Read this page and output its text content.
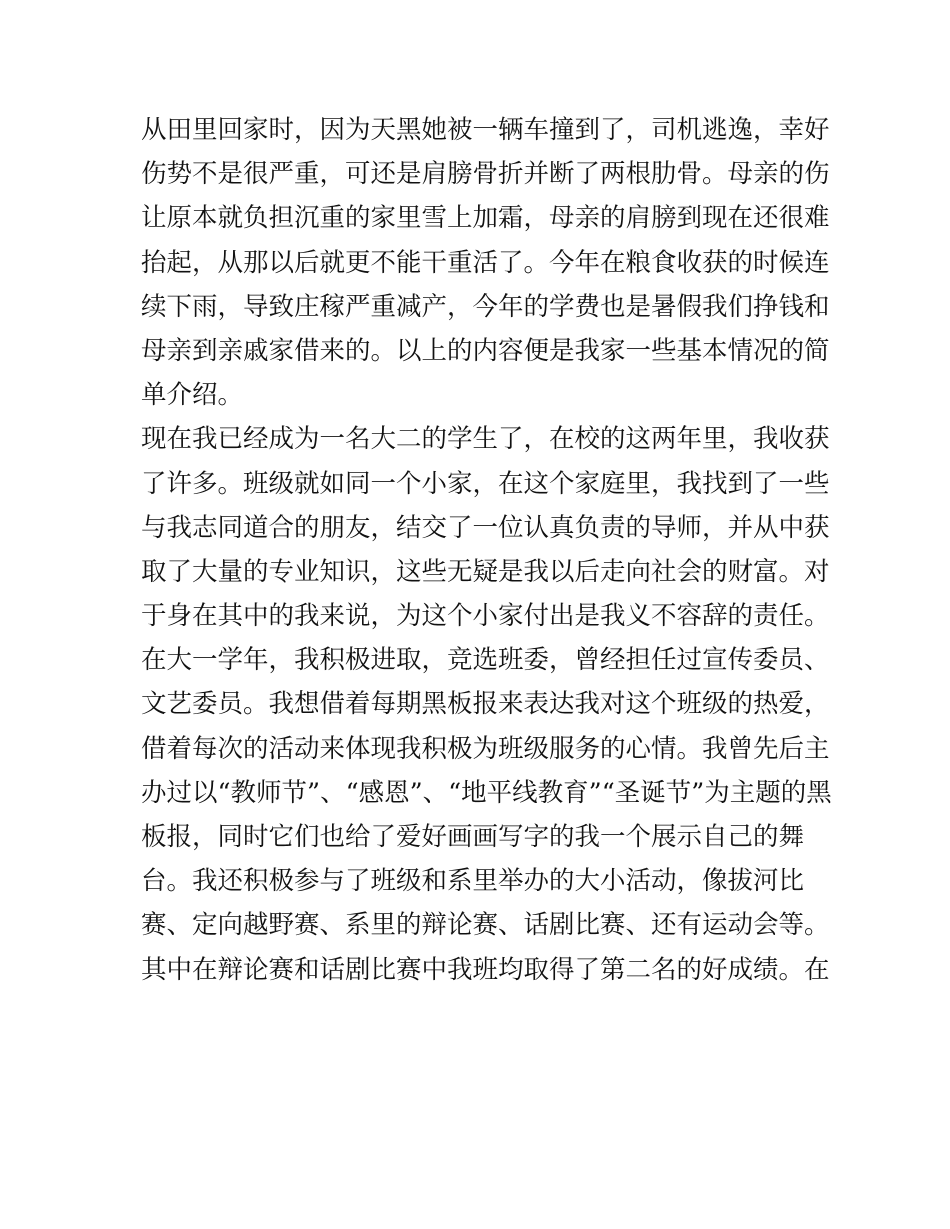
从田里回家时，因为天黑她被一辆车撞到了，司机逃逸，幸好
伤势不是很严重，可还是肩膀骨折并断了两根肋骨。母亲的伤
让原本就负担沉重的家里雪上加霜，母亲的肩膀到现在还很难
抬起，从那以后就更不能干重活了。今年在粮食收获的时候连
续下雨，导致庄稼严重减产，今年的学费也是暑假我们挣钱和
母亲到亲戚家借来的。以上的内容便是我家一些基本情况的简
单介绍。
现在我已经成为一名大二的学生了，在校的这两年里，我收获
了许多。班级就如同一个小家，在这个家庭里，我找到了一些
与我志同道合的朋友，结交了一位认真负责的导师，并从中获
取了大量的专业知识，这些无疑是我以后走向社会的财富。对
于身在其中的我来说，为这个小家付出是我义不容辞的责任。
在大一学年，我积极进取，竞选班委，曾经担任过宣传委员、
文艺委员。我想借着每期黑板报来表达我对这个班级的热爱，
借着每次的活动来体现我积极为班级服务的心情。我曾先后主
办过以“教师节”、“感恩”、“地平线教育”“圣诞节”为主题的黑
板报，同时它们也给了爱好画画写字的我一个展示自己的舞
台。我还积极参与了班级和系里举办的大小活动，像拔河比
赛、定向越野赛、系里的辩论赛、话剧比赛、还有运动会等。
其中在辩论赛和话剧比赛中我班均取得了第二名的好成绩。在
